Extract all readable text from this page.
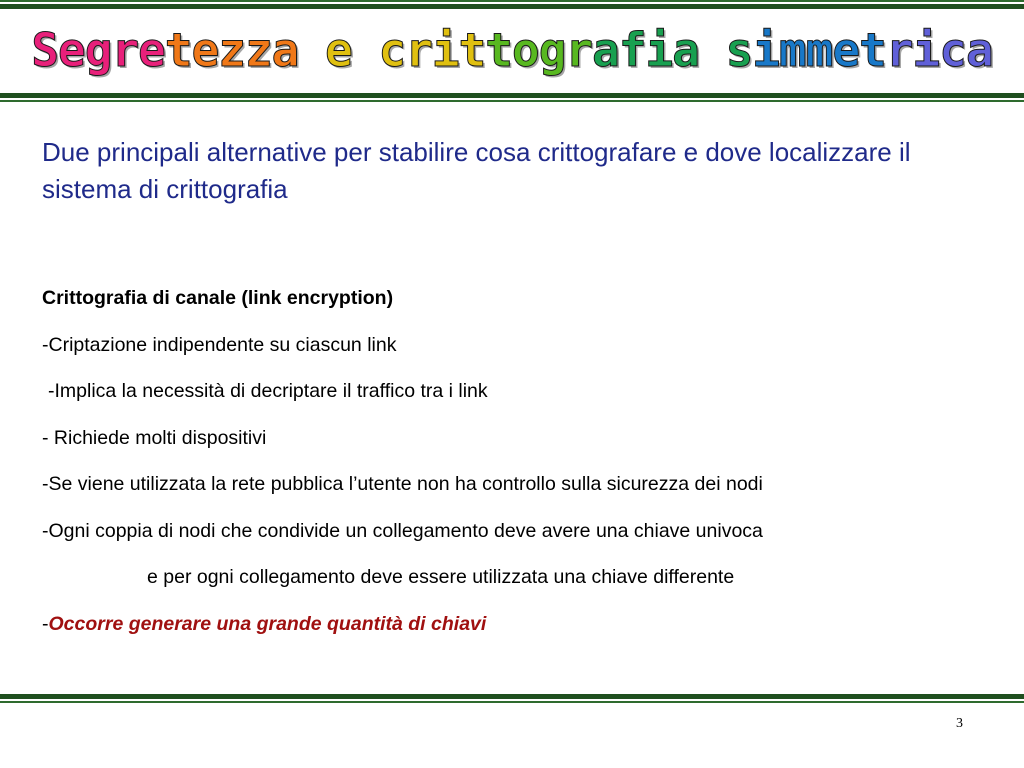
Segretezza e crittografia simmetrica
Due principali alternative per stabilire cosa crittografare e dove localizzare il sistema di crittografia
Crittografia di canale (link encryption)
-Criptazione indipendente su ciascun link
-Implica la necessità di decriptare il traffico tra i link
- Richiede molti dispositivi
-Se viene utilizzata la rete pubblica l’utente non ha controllo sulla sicurezza dei nodi
-Ogni coppia di nodi che condivide un collegamento deve avere una chiave univoca
e per ogni collegamento deve essere utilizzata una chiave differente
-Occorre generare una grande quantità di chiavi
3
